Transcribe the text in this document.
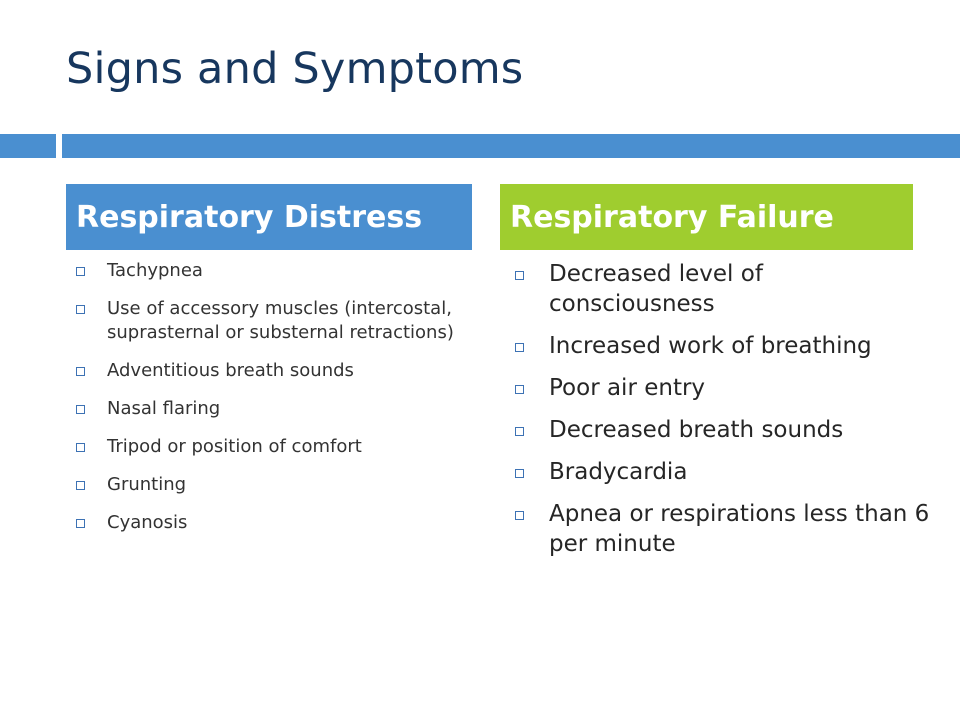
Signs and Symptoms
Respiratory Distress	Respiratory Failure
Tachypnea
Use of accessory muscles (intercostal, suprasternal or substernal retractions)
Adventitious breath sounds
Nasal flaring
Tripod or position of comfort
Grunting
Cyanosis
Decreased level of consciousness
Increased work of breathing
Poor air entry
Decreased breath sounds
Bradycardia
Apnea or respirations less than 6 per minute
